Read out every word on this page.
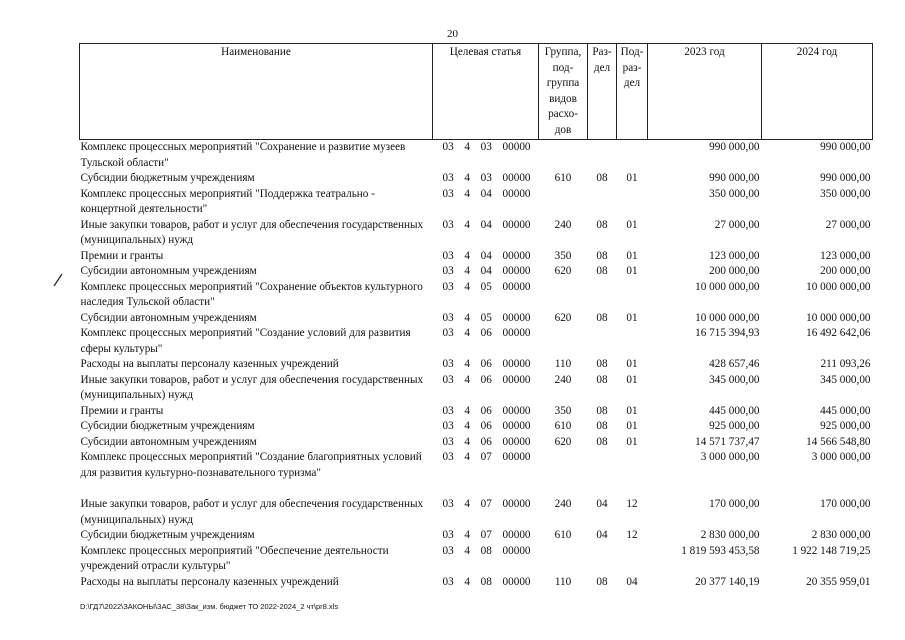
20
Наименование	Целевая статья	Группа, под-группа видов расхо-дов	Раз-дел	Под-раз-дел	2023 год	2024 год
Комплекс процессных мероприятий "Сохранение и развитие музеев Тульской области"	03 4 03 00000				990 000,00	990 000,00
Субсидии бюджетным учреждениям	03 4 03 00000	610	08	01	990 000,00	990 000,00
Комплекс процессных мероприятий "Поддержка театрально - концертной деятельности"	03 4 04 00000				350 000,00	350 000,00
Иные закупки товаров, работ и услуг для обеспечения государственных (муниципальных) нужд	03 4 04 00000	240	08	01	27 000,00	27 000,00
Премии и гранты	03 4 04 00000	350	08	01	123 000,00	123 000,00
Субсидии автономным учреждениям	03 4 04 00000	620	08	01	200 000,00	200 000,00
Комплекс процессных мероприятий "Сохранение объектов культурного наследия Тульской области"	03 4 05 00000				10 000 000,00	10 000 000,00
Субсидии автономным учреждениям	03 4 05 00000	620	08	01	10 000 000,00	10 000 000,00
Комплекс процессных мероприятий "Создание условий для развития сферы культуры"	03 4 06 00000				16 715 394,93	16 492 642,06
Расходы на выплаты персоналу казенных учреждений	03 4 06 00000	110	08	01	428 657,46	211 093,26
Иные закупки товаров, работ и услуг для обеспечения государственных (муниципальных) нужд	03 4 06 00000	240	08	01	345 000,00	345 000,00
Премии и гранты	03 4 06 00000	350	08	01	445 000,00	445 000,00
Субсидии бюджетным учреждениям	03 4 06 00000	610	08	01	925 000,00	925 000,00
Субсидии автономным учреждениям	03 4 06 00000	620	08	01	14 571 737,47	14 566 548,80
Комплекс процессных мероприятий "Создание благоприятных условий для развития культурно-познавательного туризма"	03 4 07 00000				3 000 000,00	3 000 000,00

Иные закупки товаров, работ и услуг для обеспечения государственных (муниципальных) нужд	03 4 07 00000	240	04	12	170 000,00	170 000,00
Субсидии бюджетным учреждениям	03 4 07 00000	610	04	12	2 830 000,00	2 830 000,00
Комплекс процессных мероприятий "Обеспечение деятельности учреждений отрасли культуры"	03 4 08 00000				1 819 593 453,58	1 922 148 719,25
Расходы на выплаты персоналу казенных учреждений	03 4 08 00000	110	08	04	20 377 140,19	20 355 959,01
D:\ГД7\2022\ЗАКОНЫ\ЗАС_38\Зак_изм. бюджет ТО 2022-2024_2 чт\pr8.xls
